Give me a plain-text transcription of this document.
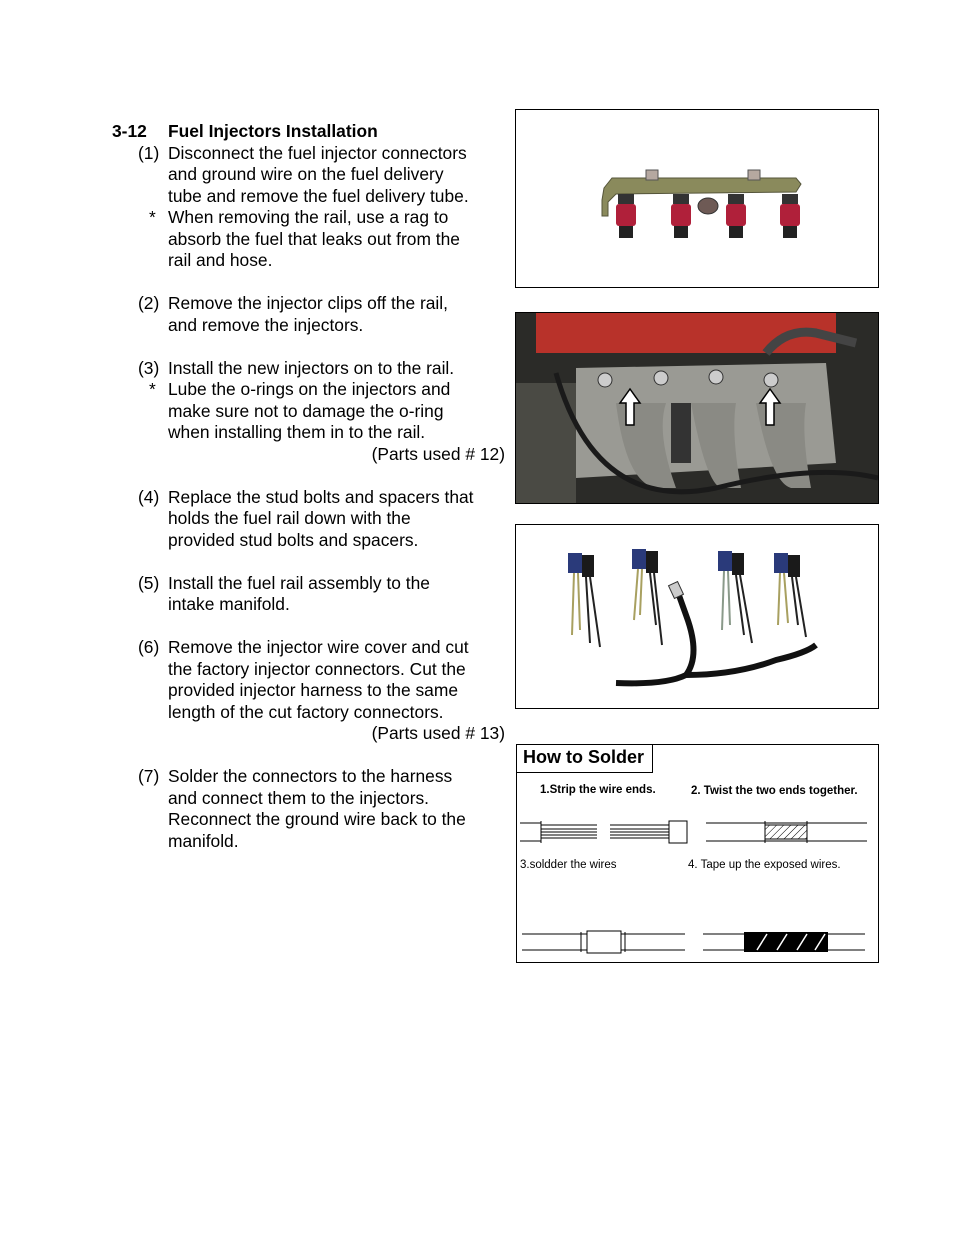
3-12	Fuel Injectors Installation
(1) Disconnect the fuel injector connectors
and ground wire on the fuel delivery
tube and remove the fuel delivery tube.
* When removing the rail, use a rag to
absorb the fuel that leaks out from the
rail and hose.
(2) Remove the injector clips off the rail,
and remove the injectors.
(3) Install the new injectors on to the rail.
* Lube the o-rings on the injectors and
make sure not to damage the o-ring
when installing them in to the rail.
(Parts used # 12)
(4) Replace the stud bolts and spacers that
holds the fuel rail down with the
provided stud bolts and spacers.
(5) Install the fuel rail assembly to the
intake manifold.
(6) Remove the injector wire cover and cut
the factory injector connectors. Cut the
provided injector harness to the same
length of the cut factory connectors.
(Parts used # 13)
(7) Solder the connectors to the harness
and connect them to the injectors.
Reconnect the ground wire back to the
manifold.
How to Solder
1.Strip the wire ends.	2. Twist the two ends together.
3.soldder the wires	4. Tape up the exposed wires.
